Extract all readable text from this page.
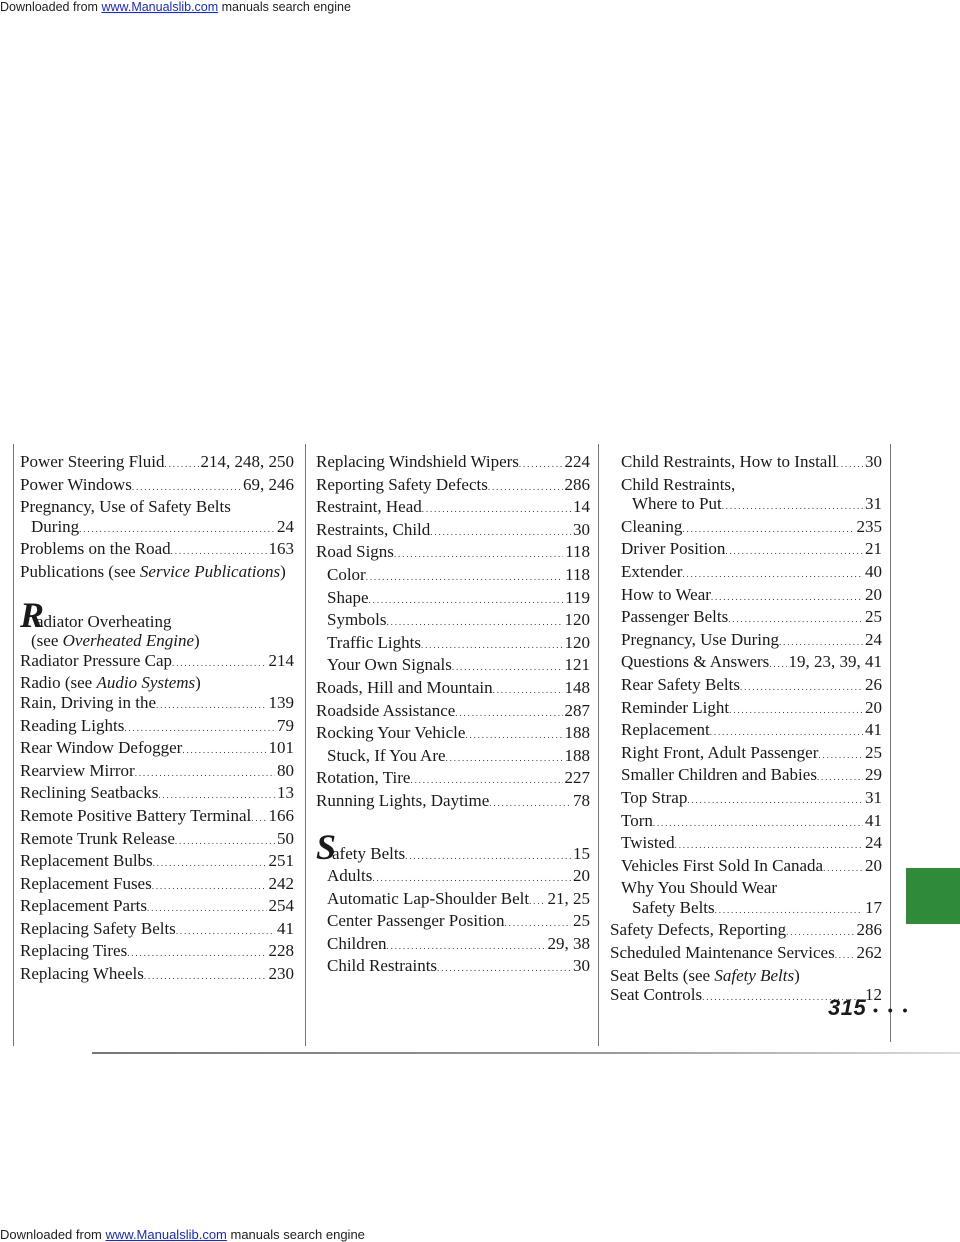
Downloaded from www.Manualslib.com manuals search engine
Power Steering Fluid . . . 214, 248, 250
Power Windows . . .	69, 246
Pregnancy, Use of Safety Belts
During . . .	24
Problems on the Road . . .	163
Publications (see Service Publications)
Radiator Overheating
(see Overheated Engine)
Radiator Pressure Cap . . .	214
Radio (see Audio Systems)
Rain, Driving in the . . .	139
Reading Lights . . .	79
Rear Window Defogger . . .	101
Rearview Mirror . . .	80
Reclining Seatbacks . . .	13
Remote Positive Battery Terminal . . . 166
Remote Trunk Release . . .	50
Replacement Bulbs . . .	251
Replacement Fuses . . .	242
Replacement Parts . . .	254
Replacing Safety Belts . . .	41
Replacing Tires . . .	228
Replacing Wheels . . .	230
Replacing Windshield Wipers . . .	224
Reporting Safety Defects . . .	286
Restraint, Head . . .	14
Restraints, Child . . .	30
Road Signs . . .	118
Color . . .	118
Shape . . .	119
Symbols . . .	120
Traffic Lights . . .	120
Your Own Signals . . .	121
Roads, Hill and Mountain . . .	148
Roadside Assistance . . .	287
Rocking Your Vehicle . . .	188
Stuck, If You Are . . .	188
Rotation, Tire . . .	227
Running Lights, Daytime . . .	78
Safety Belts . . .	15
Adults . . .	20
Automatic Lap-Shoulder Belt . . . 21, 25
Center Passenger Position . . .	25
Children . . .	29, 38
Child Restraints . . .	30
Child Restraints, How to Install . . . 30
Child Restraints,
Where to Put . . .	31
Cleaning . . .	235
Driver Position . . .	21
Extender . . .	40
How to Wear . . .	20
Passenger Belts . . .	25
Pregnancy, Use During . . .	24
Questions & Answers . . . 19, 23, 39, 41
Rear Safety Belts . . .	26
Reminder Light . . .	20
Replacement . . .	41
Right Front, Adult Passenger . . .	25
Smaller Children and Babies . . .	29
Top Strap . . .	31
Torn . . .	41
Twisted . . .	24
Vehicles First Sold In Canada . . . 20
Why You Should Wear
Safety Belts . . .	17
Safety Defects, Reporting . . .	286
Scheduled Maintenance Services . . . 262
Seat Belts (see Safety Belts)
Seat Controls . . .	12
315 • • •
Downloaded from www.Manualslib.com manuals search engine
